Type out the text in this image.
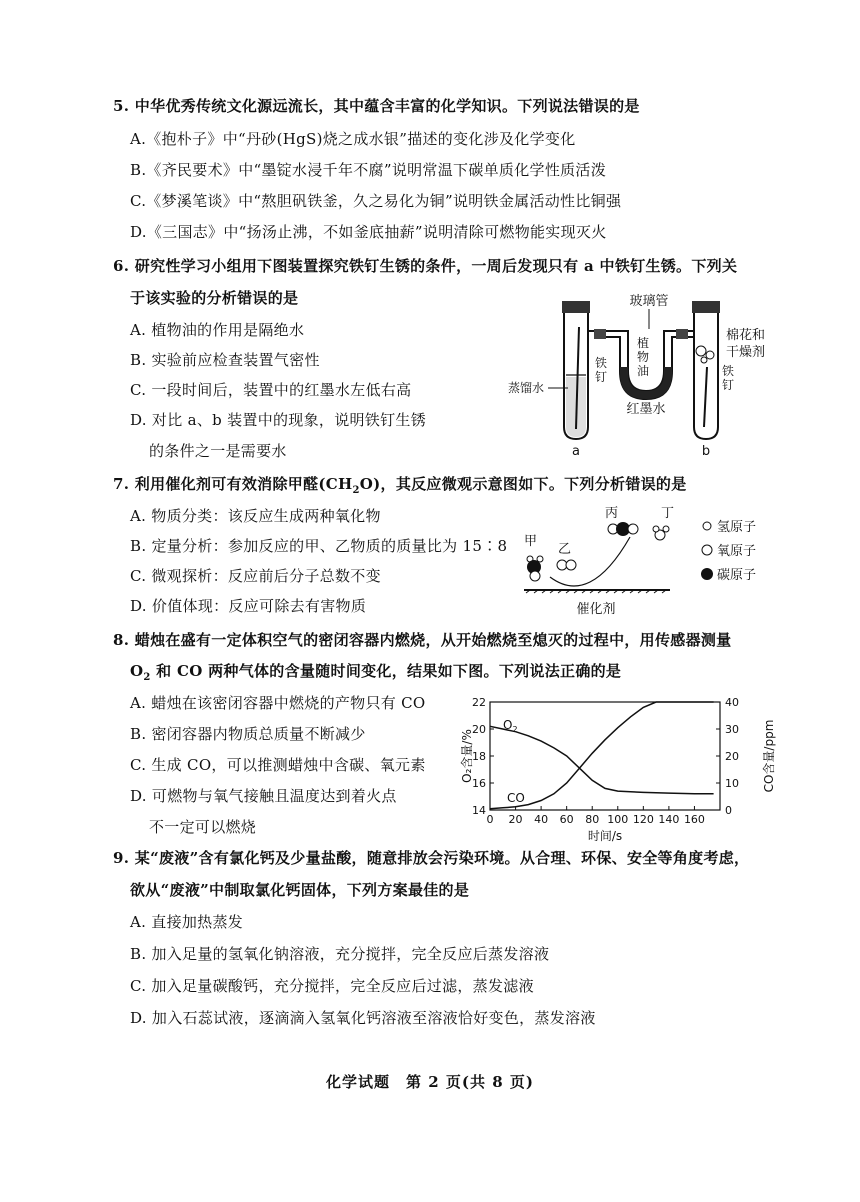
5. 中华优秀传统文化源远流长，其中蕴含丰富的化学知识。下列说法错误的是
A.《抱朴子》中“丹砂(HgS)烧之成水银”描述的变化涉及化学变化
B.《齐民要术》中“墨锭水浸千年不腐”说明常温下碳单质化学性质活泼
C.《梦溪笔谈》中“熬胆矾铁釜，久之易化为铜”说明铁金属活动性比铜强
D.《三国志》中“扬汤止沸，不如釜底抽薪”说明清除可燃物能实现灭火
6. 研究性学习小组用下图装置探究铁钉生锈的条件，一周后发现只有 a 中铁钉生锈。下列关
于该实验的分析错误的是
A. 植物油的作用是隔绝水
B. 实验前应检查装置气密性
C. 一段时间后，装置中的红墨水左低右高
D. 对比 a、b 装置中的现象，说明铁钉生锈
的条件之一是需要水
玻璃管
植
物
油
棉花和
干燥剂
铁
钉	铁
钉
蒸馏水
红墨水
a	b
7. 利用催化剂可有效消除甲醛$(CH_2O)$，其反应微观示意图如下。下列分析错误的是
A. 物质分类：该反应生成两种氧化物
B. 定量分析：参加反应的甲、乙物质的质量比为 15∶8
C. 微观探析：反应前后分子总数不变
D. 价值体现：反应可除去有害物质
丙	丁
甲
乙
催化剂
氢原子
氧原子
碳原子
8. 蜡烛在盛有一定体积空气的密闭容器内燃烧，从开始燃烧至熄灭的过程中，用传感器测量
$O_2$ 和 CO 两种气体的含量随时间变化，结果如下图。下列说法正确的是
A. 蜡烛在该密闭容器中燃烧的产物只有 CO
B. 密闭容器内物质总质量不断减少
C. 生成 CO，可以推测蜡烛中含碳、氧元素
D. 可燃物与氧气接触且温度达到着火点
不一定可以燃烧	0 20 40 60 80 100 120 140 160
14
16
18
20
22
0
10
20
30
40
$O_2$
CO
时间/s
O₂含量/%	CO含量/ppm
9. 某“废液”含有氯化钙及少量盐酸，随意排放会污染环境。从合理、环保、安全等角度考虑，
欲从“废液”中制取氯化钙固体，下列方案最佳的是
A. 直接加热蒸发
B. 加入足量的氢氧化钠溶液，充分搅拌，完全反应后蒸发溶液
C. 加入足量碳酸钙，充分搅拌，完全反应后过滤，蒸发滤液
D. 加入石蕊试液，逐滴滴入氢氧化钙溶液至溶液恰好变色，蒸发溶液
化学试题　第 2 页(共 8 页)
